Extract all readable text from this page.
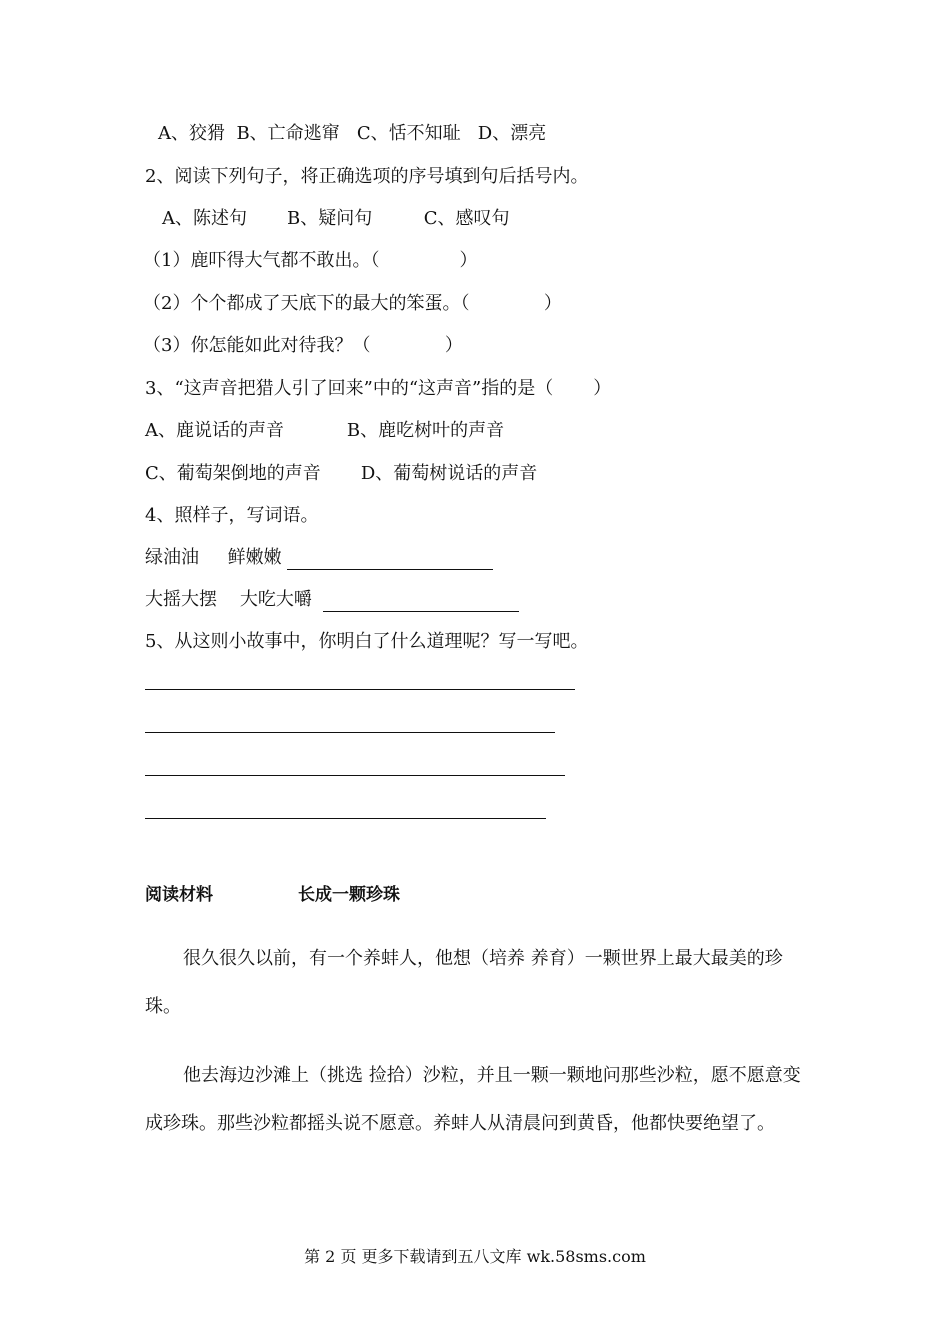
A、狡猾  B、亡命逃窜   C、恬不知耻   D、漂亮
2、阅读下列句子，将正确选项的序号填到句后括号内。
A、陈述句       B、疑问句         C、感叹句
（1）鹿吓得大气都不敢出。（              ）
（2）个个都成了天底下的最大的笨蛋。（             ）
（3）你怎能如此对待我？（             ）
3、“这声音把猎人引了回来”中的“这声音”指的是（       ）
A、鹿说话的声音           B、鹿吃树叶的声音
C、葡萄架倒地的声音       D、葡萄树说话的声音
4、照样子，写词语。
绿油油     鲜嫩嫩
大摇大摆    大吃大嚼
5、从这则小故事中，你明白了什么道理呢？写一写吧。
阅读材料	长成一颗珍珠
很久很久以前，有一个养蚌人，他想（培养 养育）一颗世界上最大最美的珍珠。
他去海边沙滩上（挑选 捡拾）沙粒，并且一颗一颗地问那些沙粒，愿不愿意变成珍珠。那些沙粒都摇头说不愿意。养蚌人从清晨问到黄昏，他都快要绝望了。
第 2 页 更多下载请到五八文库 wk.58sms.com
